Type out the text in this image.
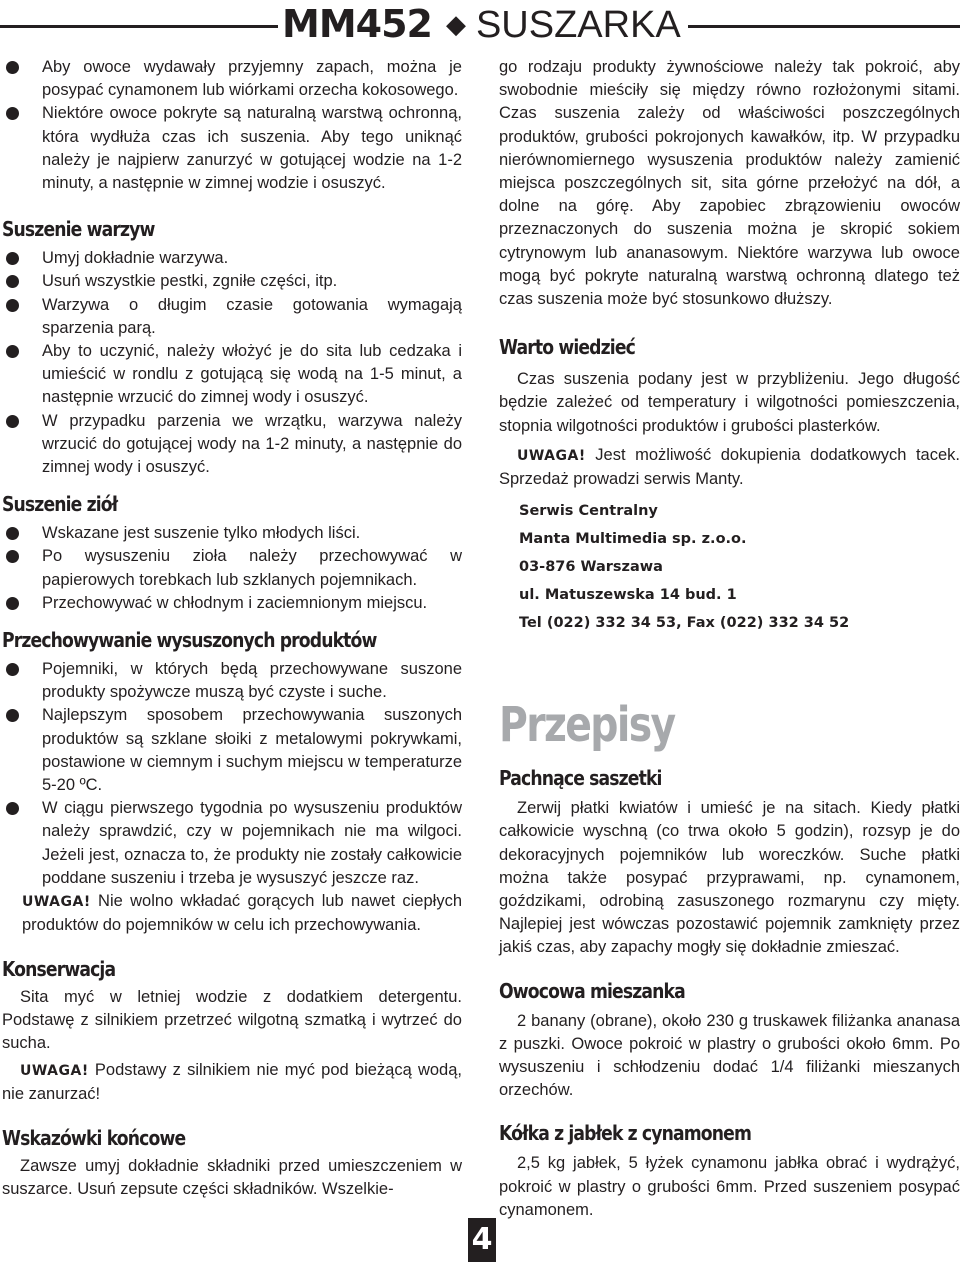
MM452 ◆ SUSZARKA
Aby owoce wydawały przyjemny zapach, można je posypać cynamonem lub wiórkami orzecha kokosowego.
Niektóre owoce pokryte są naturalną warstwą ochronną, która wydłuża czas ich suszenia. Aby tego uniknąć należy je najpierw zanurzyć w gotującej wodzie na 1-2 minuty, a następnie w zimnej wodzie i osuszyć.
Suszenie warzyw
Umyj dokładnie warzywa.
Usuń wszystkie pestki, zgniłe części, itp.
Warzywa o długim czasie gotowania wymagają sparzenia parą.
Aby to uczynić, należy włożyć je do sita lub cedzaka i umieścić w rondlu z gotującą się wodą na 1-5 minut, a następnie wrzucić do zimnej wody i osuszyć.
W przypadku parzenia we wrzątku, warzywa należy wrzucić do gotującej wody na 1-2 minuty, a następnie do zimnej wody i osuszyć.
Suszenie ziół
Wskazane jest suszenie tylko młodych liści.
Po wysuszeniu zioła należy przechowywać w papierowych torebkach lub szklanych pojemnikach.
Przechowywać w chłodnym i zaciemnionym miejscu.
Przechowywanie wysuszonych produktów
Pojemniki, w których będą przechowywane suszone produkty spożywcze muszą być czyste i suche.
Najlepszym sposobem przechowywania suszonych produktów są szklane słoiki z metalowymi pokrywkami, postawione w ciemnym i suchym miejscu w temperaturze 5-20 ºC.
W ciągu pierwszego tygodnia po wysuszeniu produktów należy sprawdzić, czy w pojemnikach nie ma wilgoci. Jeżeli jest, oznacza to, że produkty nie zostały całkowicie poddane suszeniu i trzeba je wysuszyć jeszcze raz.

UWAGA! Nie wolno wkładać gorących lub nawet ciepłych produktów do pojemników w celu ich przechowywania.

Konserwacja

Sita myć w letniej wodzie z dodatkiem detergentu. Podstawę z silnikiem przetrzeć wilgotną szmatką i wytrzeć do sucha.

UWAGA! Podstawy z silnikiem nie myć pod bieżącą wodą, nie zanurzać!

Wskazówki końcowe

Zawsze umyj dokładnie składniki przed umieszczeniem w suszarce. Usuń zepsute części składników. Wszelkie-

go rodzaju produkty żywnościowe należy tak pokroić, aby swobodnie mieściły się między równo rozłożonymi sitami. Czas suszenia zależy od właściwości poszczególnych produktów, grubości pokrojonych kawałków, itp. W przypadku nierównomiernego wysuszenia produktów należy zamienić miejsca poszczególnych sit, sita górne przełożyć na dół, a dolne na górę. Aby zapobiec zbrązowieniu owoców przeznaczonych do suszenia można je skropić sokiem cytrynowym lub ananasowym. Niektóre warzywa lub owoce mogą być pokryte naturalną warstwą ochronną dlatego też czas suszenia może być stosunkowo dłuższy.

Warto wiedzieć

Czas suszenia podany jest w przybliżeniu. Jego długość będzie zależeć od temperatury i wilgotności pomieszczenia, stopnia wilgotności produktów i grubości plasterków.

UWAGA! Jest możliwość dokupienia dodatkowych tacek. Sprzedaż prowadzi serwis Manty.

Serwis Centralny
Manta Multimedia sp. z.o.o.
03-876 Warszawa
ul. Matuszewska 14 bud. 1
Tel (022) 332 34 53, Fax (022) 332 34 52
Przepisy
Pachnące saszetki

Zerwij płatki kwiatów i umieść je na sitach. Kiedy płatki całkowicie wyschną (co trwa około 5 godzin), rozsyp je do dekoracyjnych pojemników lub woreczków. Suche płatki można także posypać przyprawami, np. cynamonem, goździkami, odrobiną zasuszonego rozmarynu czy mięty. Najlepiej jest wówczas pozostawić pojemnik zamknięty przez jakiś czas, aby zapachy mogły się dokładnie zmieszać.

Owocowa mieszanka

2 banany (obrane), około 230 g truskawek filiżanka ananasa z puszki. Owoce pokroić w plastry o grubości około 6mm. Po wysuszeniu i schłodzeniu dodać 1/4 filiżanki mieszanych orzechów.

Kółka z jabłek z cynamonem

2,5 kg jabłek, 5 łyżek cynamonu jabłka obrać i wydrążyć, pokroić w plastry o grubości 6mm. Przed suszeniem posypać cynamonem.

4
